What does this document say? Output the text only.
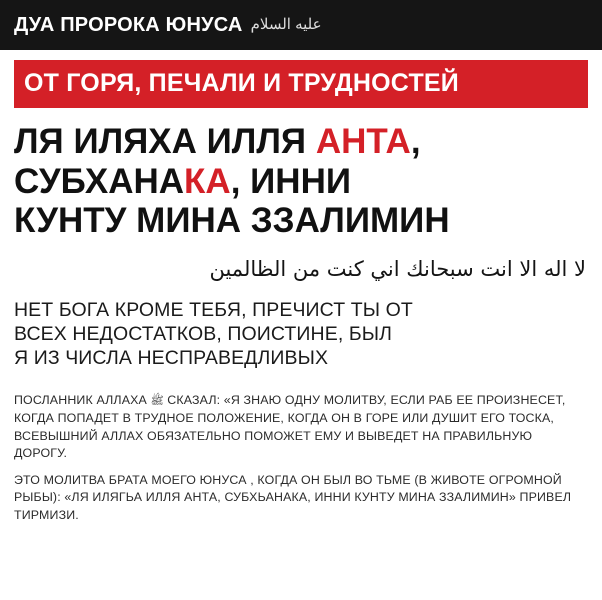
ДУА ПРОРОКА ЮНУСА عليه السلام
ОТ ГОРЯ, ПЕЧАЛИ И ТРУДНОСТЕЙ
ЛЯ ИЛЯХА ИЛЛЯ АНТА,
СУБХАНАКА, ИННИ
КУНТУ МИНА ЗЗАЛИМИН
لا اله الا انت سبحانك اني كنت من الظالمين
НЕТ БОГА КРОМЕ ТЕБЯ, ПРЕЧИСТ ТЫ ОТ
ВСЕХ НЕДОСТАТКОВ, ПОИСТИНЕ, БЫЛ
Я ИЗ ЧИСЛА НЕСПРАВЕДЛИВЫХ

ПОСЛАННИК АЛЛАХА ﷺ СКАЗАЛ: «Я ЗНАЮ ОДНУ МОЛИТВУ, ЕСЛИ РАБ ЕЕ ПРОИЗНЕСЕТ, КОГДА ПОПАДЕТ В ТРУДНОЕ ПОЛОЖЕНИЕ, КОГДА ОН В ГОРЕ ИЛИ ДУШИТ ЕГО ТОСКА, ВСЕВЫШНИЙ АЛЛАХ ОБЯЗАТЕЛЬНО ПОМОЖЕТ ЕМУ И ВЫВЕДЕТ НА ПРАВИЛЬНУЮ ДОРОГУ.

ЭТО МОЛИТВА БРАТА МОЕГО ЮНУСА , КОГДА ОН БЫЛ ВО ТЬМЕ (В ЖИВОТЕ ОГРОМНОЙ РЫБЫ): «ЛЯ ИЛЯГЬА ИЛЛЯ АНТА, СУБХЬАНАКА, ИННИ КУНТУ МИНА ЗЗАЛИМИН» ПРИВЕЛ ТИРМИЗИ.
